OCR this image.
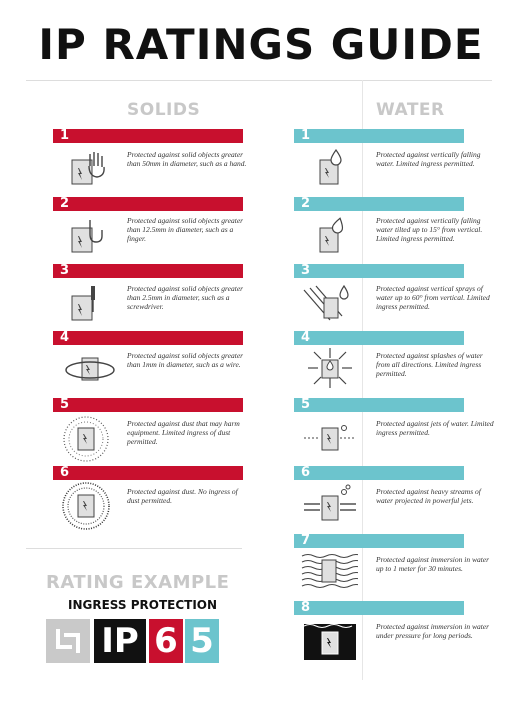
IP RATINGS GUIDE
SOLIDS	WATER
1
Protected against solid objects greater than 50mm in diameter, such as a hand.
2
Protected against solid objects greater than 12.5mm in diameter, such as a finger.
3
Protected against solid objects greater than 2.5mm in diameter, such as a screwdriver.
4
Protected against solid objects greater than 1mm in diameter, such as a wire.
5
Protected against dust that may harm equipment. Limited ingress of dust permitted.
6
Protected against dust. No ingress of dust permitted.
1
Protected against vertically falling water. Limited ingress permitted.
2
Protected against vertically falling water tilted up to 15° from vertical. Limited ingress permitted.
3
Protected against vertical sprays of water up to 60° from vertical. Limited ingress permitted.
4
Protected against splashes of water from all directions. Limited ingress permitted.
5
Protected against jets of water. Limited ingress permitted.
6
Protected against heavy streams of water projected in powerful jets.
7
Protected against immersion in water up to 1 meter for 30 minutes.
8
Protected against immersion in water under pressure for long periods.
RATING EXAMPLE
INGRESS PROTECTION
IP 6 5
